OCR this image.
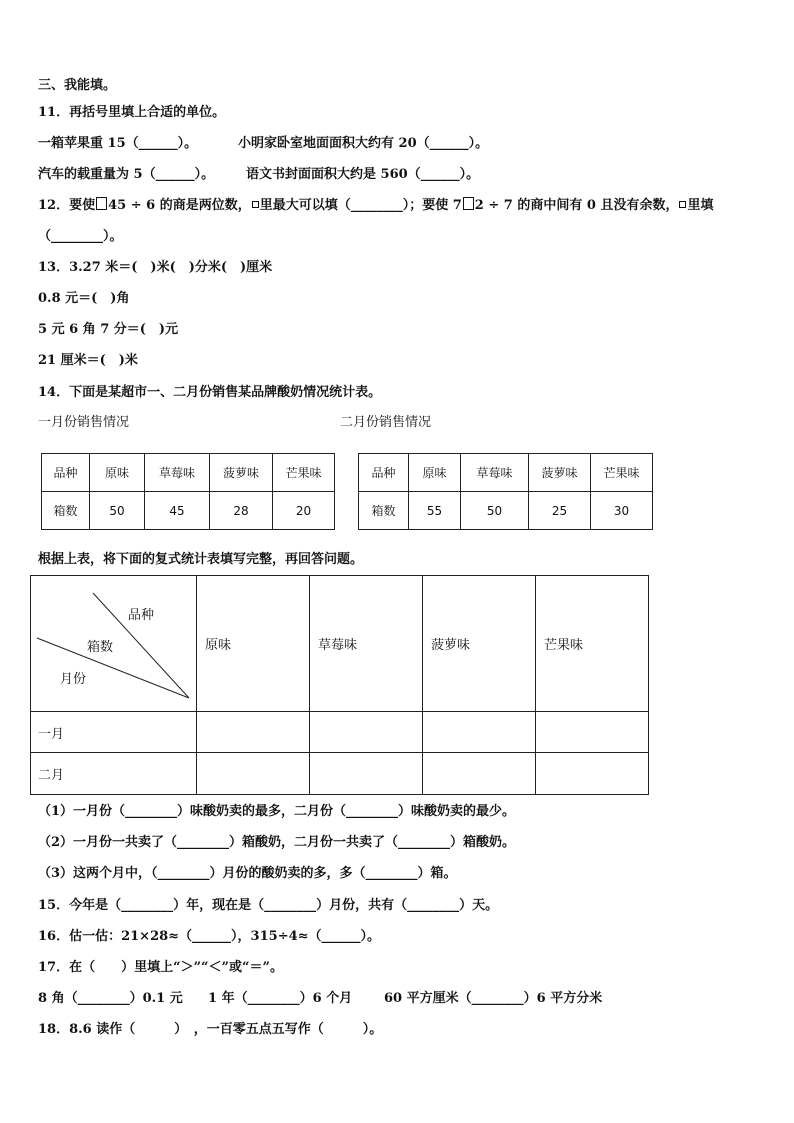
三、我能填。
11．再括号里填上合适的单位。
一箱苹果重 15（______）。	小明家卧室地面面积大约有 20（______）。
汽车的载重量为 5（______）。 语文书封面面积大约是 560（______）。
12．要使 45 ÷ 6 的商是两位数， 里最大可以填（________）；要使 7 2 ÷ 7 的商中间有 0 且没有余数， 里填
（________）。
13．3.27 米＝(　)米(　)分米(　)厘米
0.8 元＝(　)角
5 元 6 角 7 分＝(　)元
21 厘米＝(　)米
14．下面是某超市一、二月份销售某品牌酸奶情况统计表。
一月份销售情况	二月份销售情况
品种	原味	草莓味	菠萝味	芒果味
箱数	50	45	28	20
品种	原味	草莓味	菠萝味	芒果味
箱数	55	50	25	30
根据上表，将下面的复式统计表填写完整，再回答问题。
品种
箱数
月份	原味	草莓味	菠萝味	芒果味
一月				
二月				
（1）一月份（________）味酸奶卖的最多，二月份（________）味酸奶卖的最少。
（2）一月份一共卖了（________）箱酸奶，二月份一共卖了（________）箱酸奶。
（3）这两个月中，（________）月份的酸奶卖的多，多（________）箱。
15．今年是（________）年，现在是（________）月份，共有（________）天。
16．估一估：21×28≈（______），315÷4≈（______）。
17．在（　　）里填上“＞”“＜”或“＝”。
8 角（________）0.1 元 1 年（________）6 个月 60 平方厘米（________）6 平方分米
18．8.6 读作（　　　）　，一百零五点五写作（　　　）。
